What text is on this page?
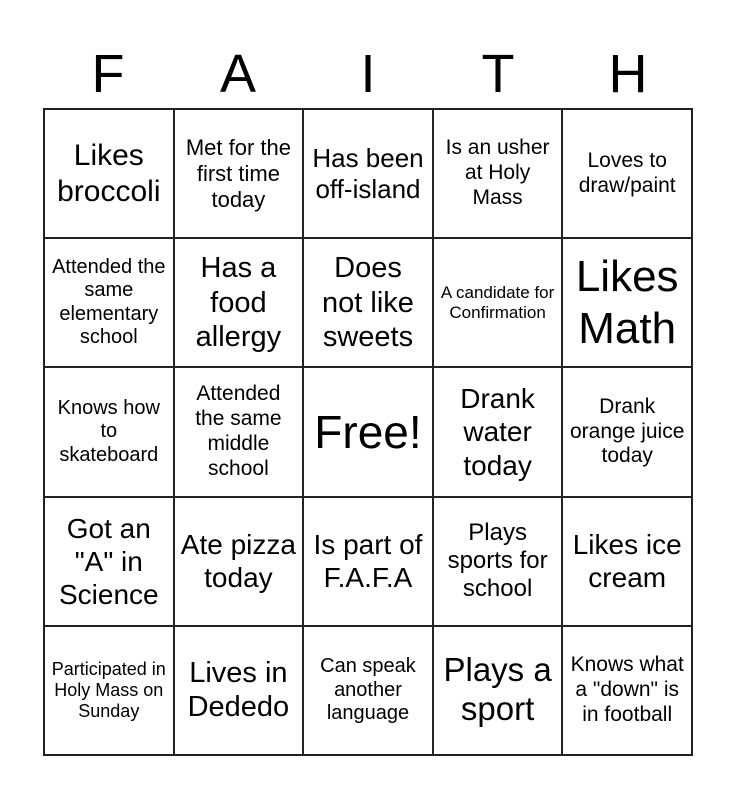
F	A	I	T	H
Likes broccoli
Met for the first time today
Has been off-island
Is an usher at Holy Mass
Loves to draw/paint
Attended the same elementary school
Has a food allergy
Does not like sweets
A candidate for Confirmation
Likes Math
Knows how to skateboard
Attended the same middle school
Free!
Drank water today
Drank orange juice today
Got an "A" in Science
Ate pizza today
Is part of F.A.F.A
Plays sports for school
Likes ice cream
Participated in Holy Mass on Sunday
Lives in Dededo
Can speak another language
Plays a sport
Knows what a "down" is in football
